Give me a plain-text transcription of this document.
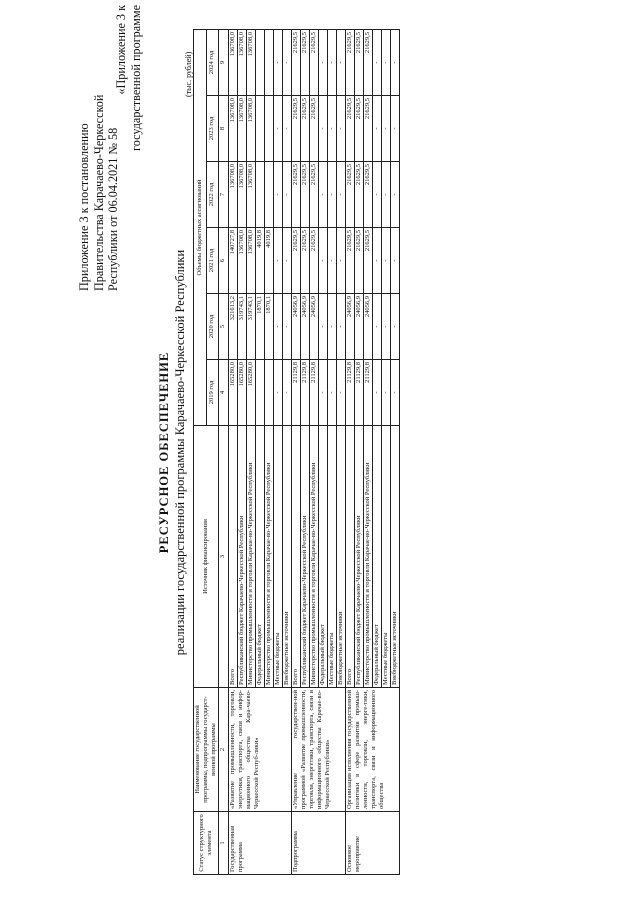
Приложение 3 к постановлению Правительства Карачаево-Черкесской Республики от 06.04.2021 № 58
«Приложение 3 к государственной программе
РЕСУРСНОЕ ОБЕСПЕЧЕНИЕ реализации государственной программы Карачаево-Черкесской Республики
(тыс. рублей)
Статус структурного элемента	Наименование государственной программы, подпрограммы государст-венной программы	Источник финансирования	Объемы бюджетных ассигнований					
			2019 год	2020 год	2021 год	2022 год	2023 год	2024 год
1	2	3	4	5	6	7	8	9
Государственная программа	«Развитие промышленности, торговли, энергетики, транспорта, связи и инфор-мационного общества Кара-чаево-Черкесской Респуб-лики»	Всего	165280,0	321613,2	140727,8	136708,0	136708,0	136708,0
		Республиканский бюджет Карачаево-Черкесской Республики	165280,0	319743,1	136708,0	136708,0	136708,0	136708,0
		Министерство промышленности и торговли Карачае-во-Черкесской Республики	165280,0	319743,1	136708,0	136708,0	136708,0	136708,0
		Федеральный бюджет		1870,1	4019,8			
		Министерство промышленности и торговли Карачае-во-Черкесской Республики		1870,1	4019,8			
		Местные бюджеты	-	-	-	-	-	-
		Внебюджетные источники	-	-	-	-	-	-
Подпрограмма	«Управление государствен-ной программой «Развитие промышленности, торговли, энергетики, транспорта, связи и информационного общества Карачае-во-Черкесской Республики»	Всего	21129,8	24056,9	21629,5	21629,5	21629,5	21629,5
		Республиканский бюджет Карачаево-Черкесской Республики	21129,8	24056,9	21629,5	21629,5	21629,5	21629,5
		Министерство промышленности и торговли Карачае-во-Черкесской Республики	21129,8	24056,9	21629,5	21629,5	21629,5	21629,5
		Федеральный бюджет	-	-	-	-	-	-
		Местные бюджеты	-	-	-	-	-	-
		Внебюджетные источники	-	-	-	-	-	-
Основное мероприятие	Организация исполнения государственной политики в сфере развития промыш-ленности, торговли, энерге-тики, транспорта, связи и информационного общества	Всего	21129,8	24056,9	21629,5	21629,5	21629,5	21629,5
		Республиканский бюджет Карачаево-Черкесской Республики	21129,8	24056,9	21629,5	21629,5	21629,5	21629,5
		Министерство промышленности и торговли Карачае-во-Черкесской Республики	21129,8	24056,9	21629,5	21629,5	21629,5	21629,5
		Федеральный бюджет	-	-	-	-	-	-
		Местные бюджеты	-	-	-	-	-	-
		Внебюджетные источники	-	-	-	-	-	-
